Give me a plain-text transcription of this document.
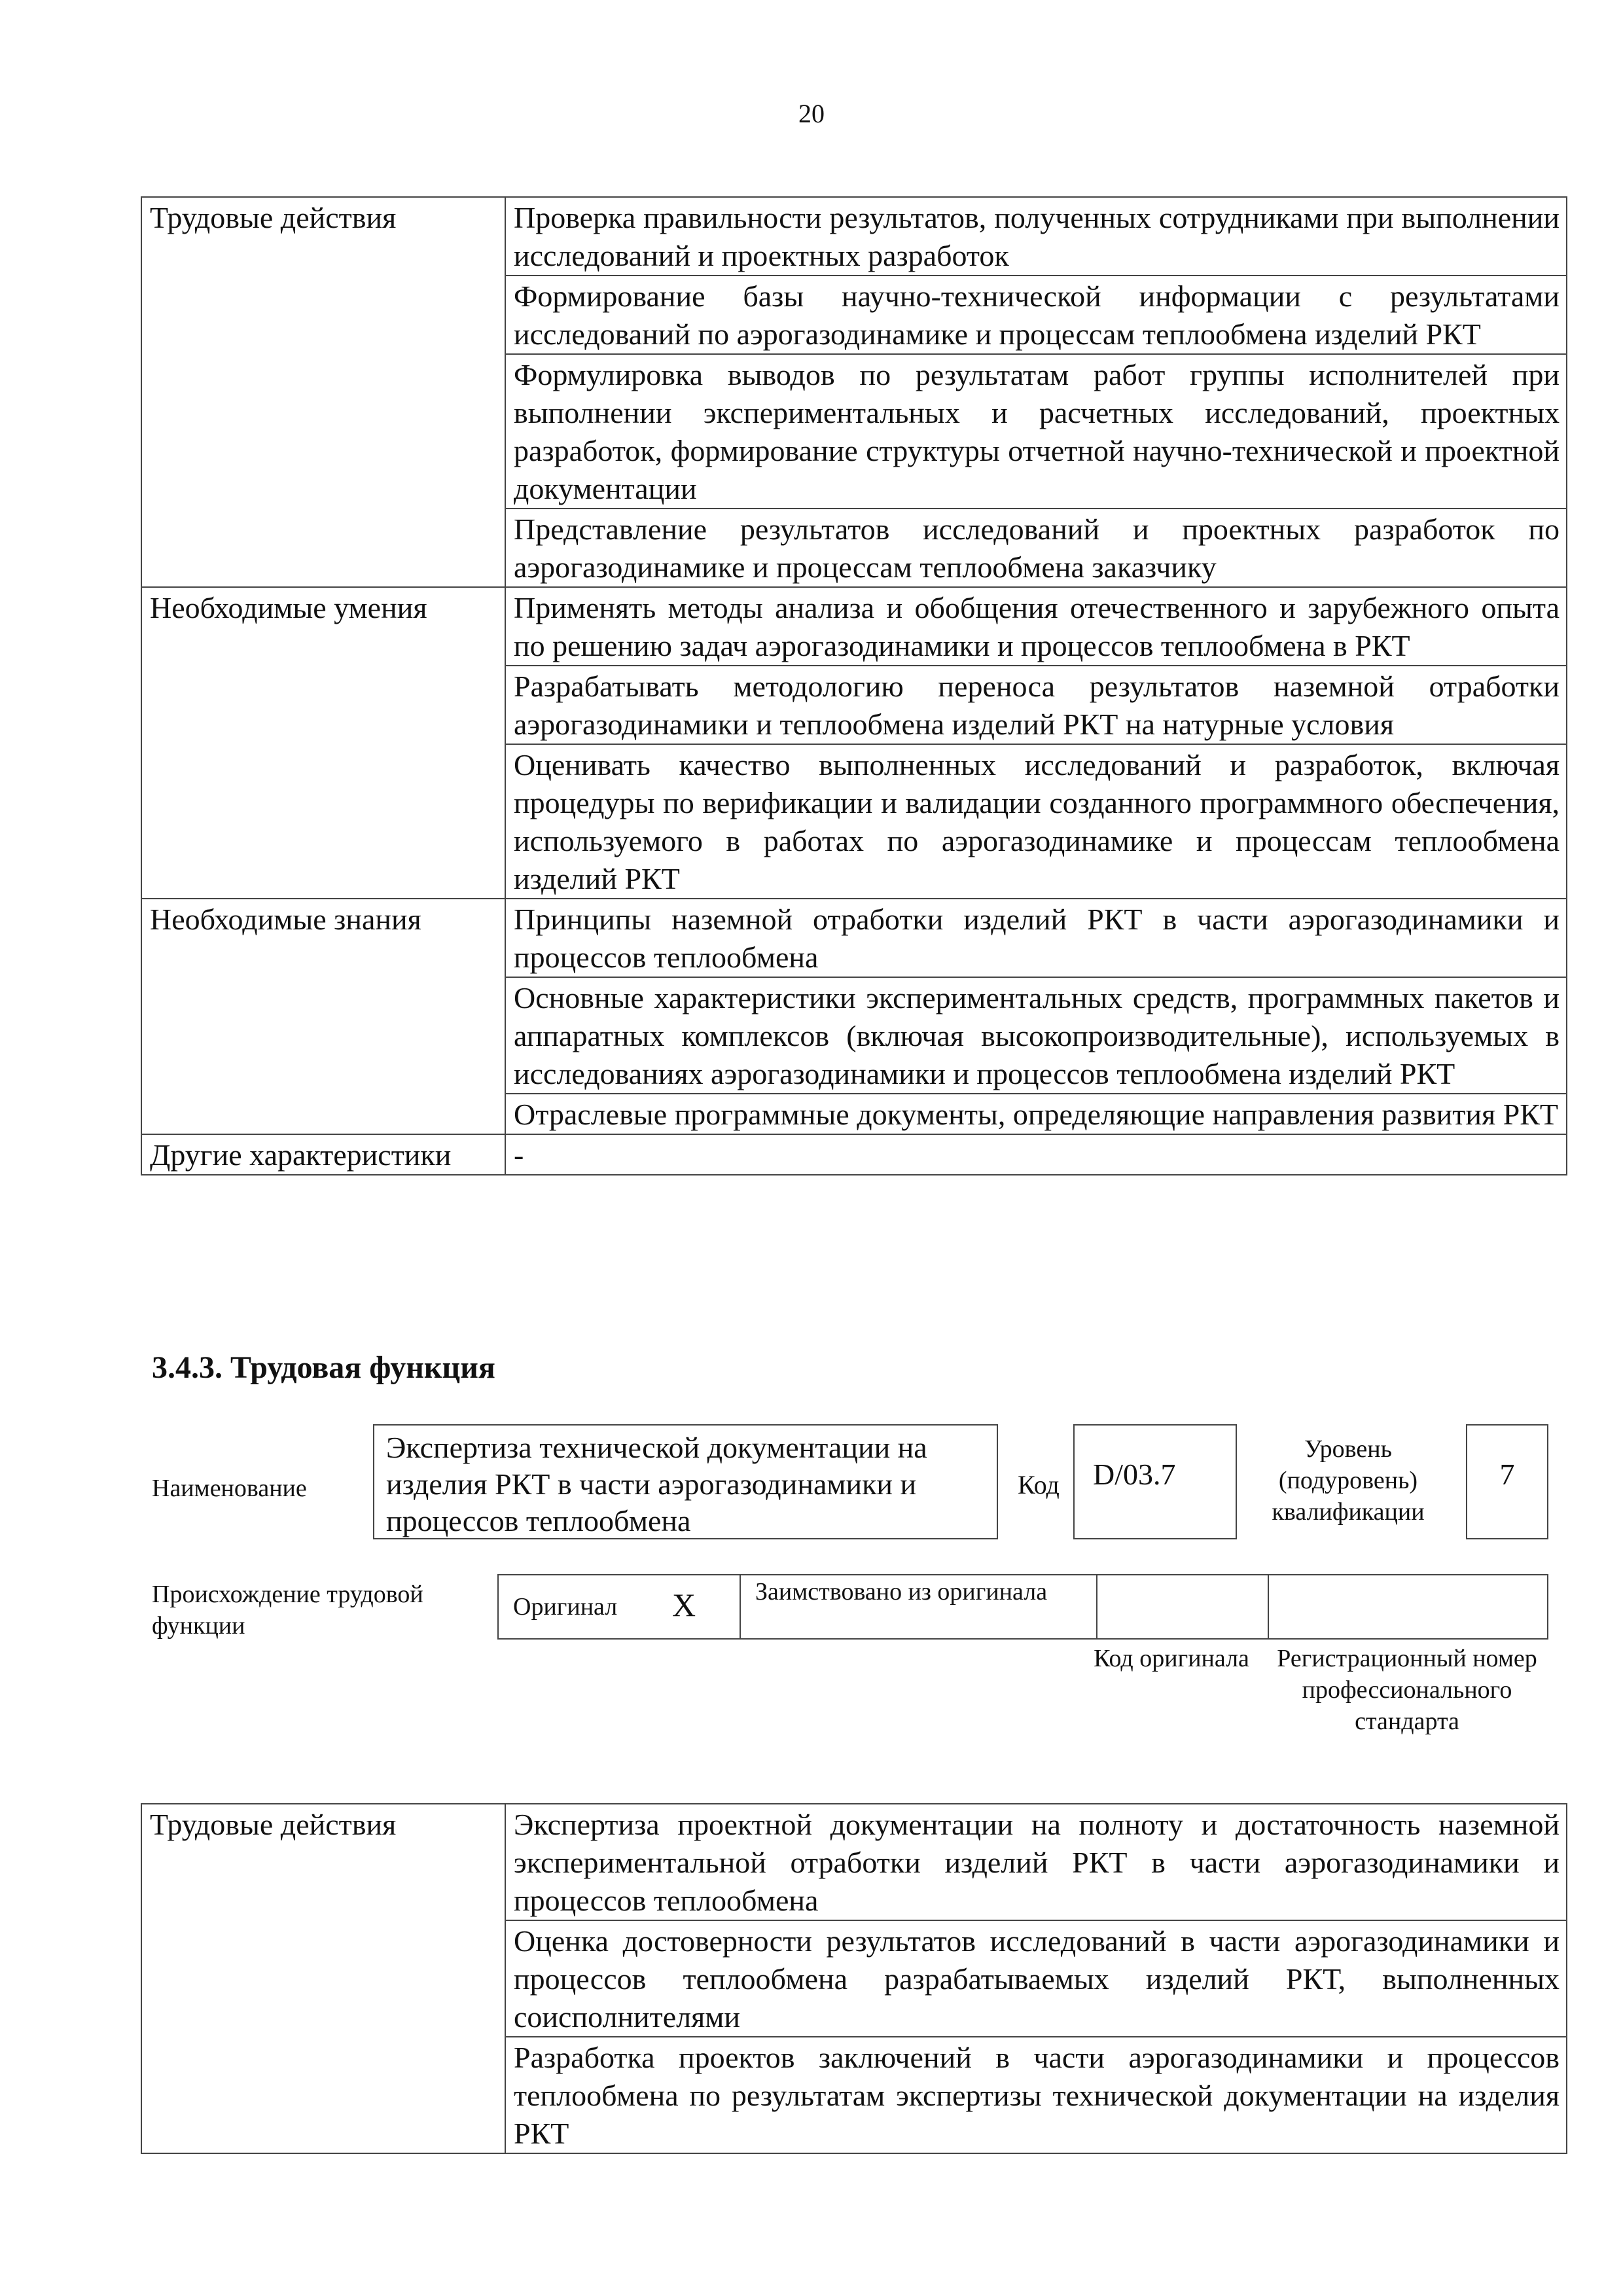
20
Трудовые действия	Проверка правильности результатов, полученных сотрудниками при выполнении исследований и проектных разработок
	Формирование базы научно-технической информации с результатами исследований по аэрогазодинамике и процессам теплообмена изделий РКТ
	Формулировка выводов по результатам работ группы исполнителей при выполнении экспериментальных и расчетных исследований, проектных разработок, формирование структуры отчетной научно-технической и проектной документации
	Представление результатов исследований и проектных разработок по аэрогазодинамике и процессам теплообмена заказчику
Необходимые умения	Применять методы анализа и обобщения отечественного и зарубежного опыта по решению задач аэрогазодинамики и процессов теплообмена в РКТ
	Разрабатывать методологию переноса результатов наземной отработки аэрогазодинамики и теплообмена изделий РКТ на натурные условия
	Оценивать качество выполненных исследований и разработок, включая процедуры по верификации и валидации созданного программного обеспечения, используемого в работах по аэрогазодинамике и процессам теплообмена изделий РКТ
Необходимые знания	Принципы наземной отработки изделий РКТ в части аэрогазодинамики и процессов теплообмена
	Основные характеристики экспериментальных средств, программных пакетов и аппаратных комплексов (включая высокопроизводительные), используемых в исследованиях аэрогазодинамики и процессов теплообмена изделий РКТ
	Отраслевые программные документы, определяющие направления развития РКТ
Другие характеристики	-
3.4.3. Трудовая функция
Наименование
Экспертиза технической документации на изделия РКТ в части аэрогазодинамики и процессов теплообмена
Код	D/03.7
Уровень (подуровень) квалификации
7
Происхождение трудовой функции
Оригинал X	Заимствовано из оригинала
Код оригинала	Регистрационный номер профессионального стандарта
Трудовые действия	Экспертиза проектной документации на полноту и достаточность наземной экспериментальной отработки изделий РКТ в части аэрогазодинамики и процессов теплообмена
Оценка достоверности результатов исследований в части аэрогазодинамики и процессов теплообмена разрабатываемых изделий РКТ, выполненных соисполнителями
Разработка проектов заключений в части аэрогазодинамики и процессов теплообмена по результатам экспертизы технической документации на изделия РКТ
